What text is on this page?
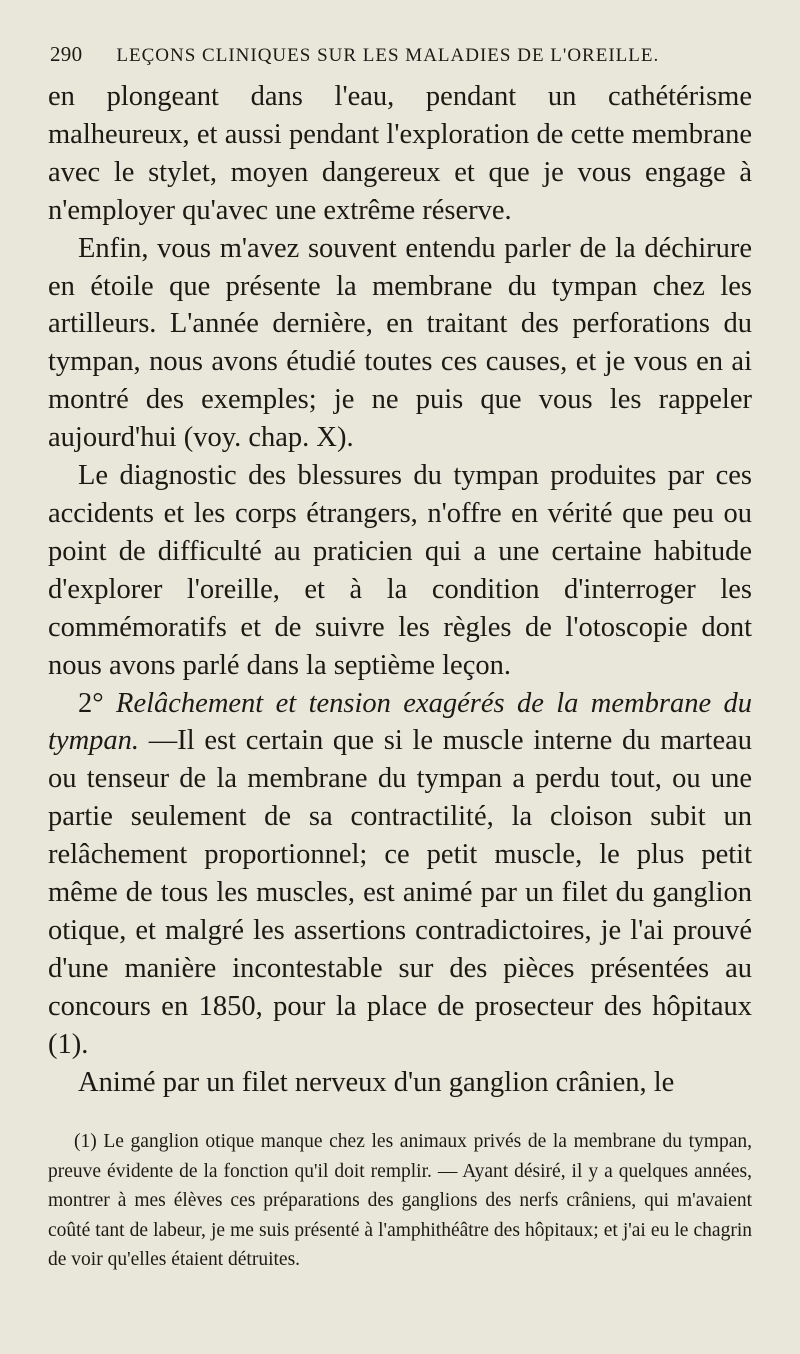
290 LEÇONS CLINIQUES SUR LES MALADIES DE L'OREILLE.

en plongeant dans l'eau, pendant un cathétérisme malheureux, et aussi pendant l'exploration de cette membrane avec le stylet, moyen dangereux et que je vous engage à n'employer qu'avec une extrême réserve.

Enfin, vous m'avez souvent entendu parler de la déchirure en étoile que présente la membrane du tympan chez les artilleurs. L'année dernière, en traitant des perforations du tympan, nous avons étudié toutes ces causes, et je vous en ai montré des exemples; je ne puis que vous les rappeler aujourd'hui (voy. chap. X).

Le diagnostic des blessures du tympan produites par ces accidents et les corps étrangers, n'offre en vérité que peu ou point de difficulté au praticien qui a une certaine habitude d'explorer l'oreille, et à la condition d'interroger les commémoratifs et de suivre les règles de l'otoscopie dont nous avons parlé dans la septième leçon.

2° Relâchement et tension exagérés de la membrane du tympan. —Il est certain que si le muscle interne du marteau ou tenseur de la membrane du tympan a perdu tout, ou une partie seulement de sa contractilité, la cloison subit un relâchement proportionnel; ce petit muscle, le plus petit même de tous les muscles, est animé par un filet du ganglion otique, et malgré les assertions contradictoires, je l'ai prouvé d'une manière incontestable sur des pièces présentées au concours en 1850, pour la place de prosecteur des hôpitaux (1).

Animé par un filet nerveux d'un ganglion crânien, le

(1) Le ganglion otique manque chez les animaux privés de la membrane du tympan, preuve évidente de la fonction qu'il doit remplir. — Ayant désiré, il y a quelques années, montrer à mes élèves ces préparations des ganglions des nerfs crâniens, qui m'avaient coûté tant de labeur, je me suis présenté à l'amphithéâtre des hôpitaux; et j'ai eu le chagrin de voir qu'elles étaient détruites.
